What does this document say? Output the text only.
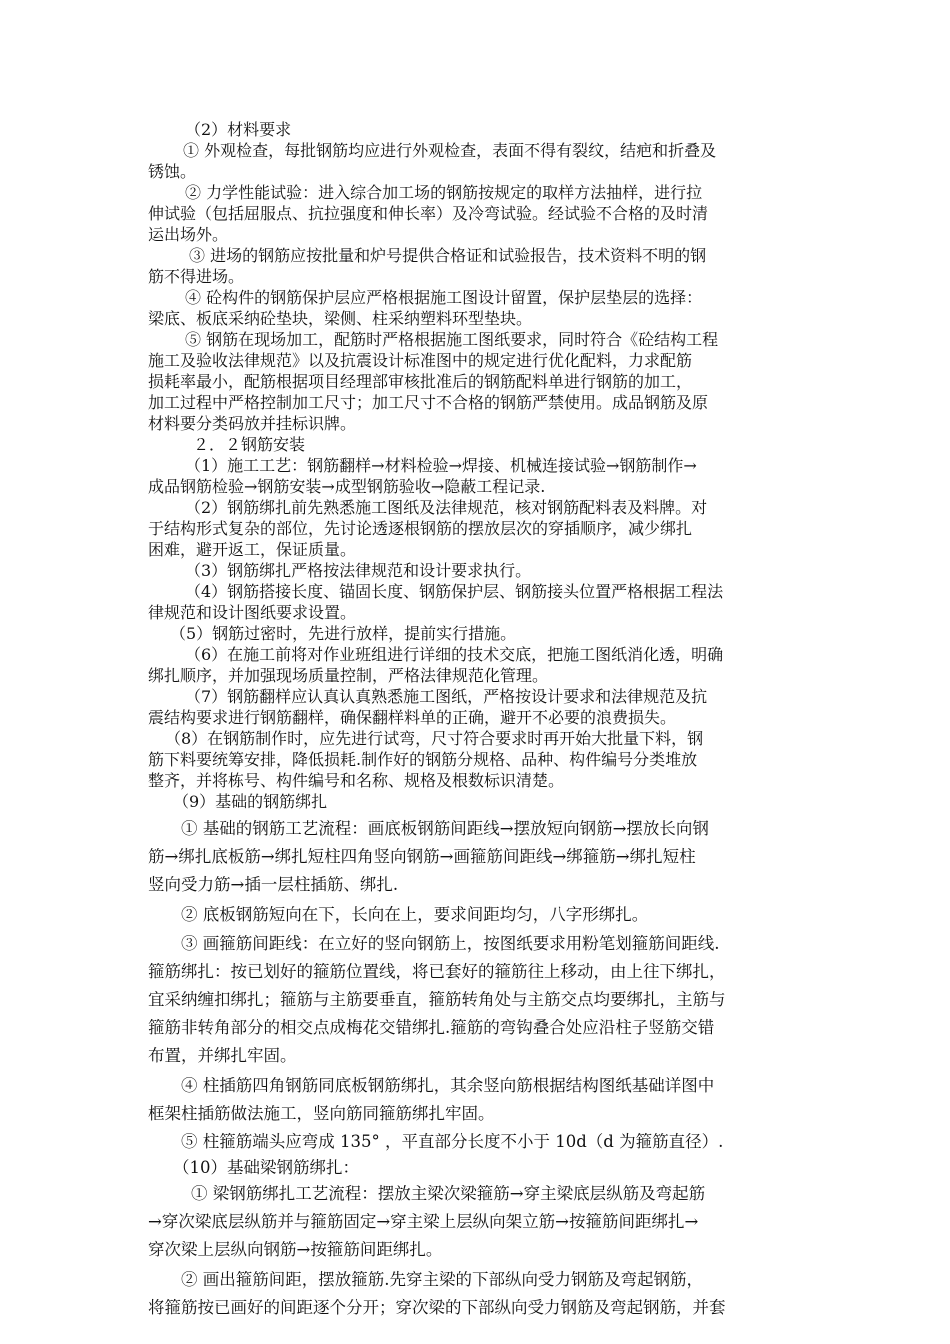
（2）材料要求
① 外观检查，每批钢筋均应进行外观检查，表面不得有裂纹，结疤和折叠及
锈蚀。
② 力学性能试验：进入综合加工场的钢筋按规定的取样方法抽样，进行拉
伸试验（包括屈服点、抗拉强度和伸长率）及冷弯试验。经试验不合格的及时清
运出场外。
③ 进场的钢筋应按批量和炉号提供合格证和试验报告，技术资料不明的钢
筋不得进场。
④ 砼构件的钢筋保护层应严格根据施工图设计留置，保护层垫层的选择：
梁底、板底采纳砼垫块，梁侧、柱采纳塑料环型垫块。
⑤ 钢筋在现场加工，配筋时严格根据施工图纸要求，同时符合《砼结构工程
施工及验收法律规范》以及抗震设计标准图中的规定进行优化配料，力求配筋
损耗率最小，配筋根据项目经理部审核批准后的钢筋配料单进行钢筋的加工，
加工过程中严格控制加工尺寸；加工尺寸不合格的钢筋严禁使用。成品钢筋及原
材料要分类码放并挂标识牌。
２．２钢筋安装
（1）施工工艺：钢筋翻样→材料检验→焊接、机械连接试验→钢筋制作→
成品钢筋检验→钢筋安装→成型钢筋验收→隐蔽工程记录.
（2）钢筋绑扎前先熟悉施工图纸及法律规范，核对钢筋配料表及料牌。对
于结构形式复杂的部位，先讨论透逐根钢筋的摆放层次的穿插顺序，减少绑扎
困难，避开返工，保证质量。
（3）钢筋绑扎严格按法律规范和设计要求执行。
（4）钢筋搭接长度、锚固长度、钢筋保护层、钢筋接头位置严格根据工程法
律规范和设计图纸要求设置。
（5）钢筋过密时，先进行放样，提前实行措施。
（6）在施工前将对作业班组进行详细的技术交底，把施工图纸消化透，明确
绑扎顺序，并加强现场质量控制，严格法律规范化管理。
（7）钢筋翻样应认真认真熟悉施工图纸，严格按设计要求和法律规范及抗
震结构要求进行钢筋翻样，确保翻样料单的正确，避开不必要的浪费损失。
（8）在钢筋制作时，应先进行试弯，尺寸符合要求时再开始大批量下料，钢
筋下料要统筹安排，降低损耗.制作好的钢筋分规格、品种、构件编号分类堆放
整齐，并将栋号、构件编号和名称、规格及根数标识清楚。
（9）基础的钢筋绑扎
① 基础的钢筋工艺流程：画底板钢筋间距线→摆放短向钢筋→摆放长向钢
筋→绑扎底板筋→绑扎短柱四角竖向钢筋→画箍筋间距线→绑箍筋→绑扎短柱
竖向受力筋→插一层柱插筋、绑扎.
② 底板钢筋短向在下，长向在上，要求间距均匀，八字形绑扎。
③ 画箍筋间距线：在立好的竖向钢筋上，按图纸要求用粉笔划箍筋间距线.
箍筋绑扎：按已划好的箍筋位置线，将已套好的箍筋往上移动，由上往下绑扎，
宜采纳缠扣绑扎；箍筋与主筋要垂直，箍筋转角处与主筋交点均要绑扎，主筋与
箍筋非转角部分的相交点成梅花交错绑扎.箍筋的弯钩叠合处应沿柱子竖筋交错
布置，并绑扎牢固。
④ 柱插筋四角钢筋同底板钢筋绑扎，其余竖向筋根据结构图纸基础详图中
框架柱插筋做法施工，竖向筋同箍筋绑扎牢固。
⑤ 柱箍筋端头应弯成 135° ，平直部分长度不小于 10d（d 为箍筋直径）.
（10）基础梁钢筋绑扎：
① 梁钢筋绑扎工艺流程：摆放主梁次梁箍筋→穿主梁底层纵筋及弯起筋
→穿次梁底层纵筋并与箍筋固定→穿主梁上层纵向架立筋→按箍筋间距绑扎→
穿次梁上层纵向钢筋→按箍筋间距绑扎。
② 画出箍筋间距，摆放箍筋.先穿主梁的下部纵向受力钢筋及弯起钢筋，
将箍筋按已画好的间距逐个分开；穿次梁的下部纵向受力钢筋及弯起钢筋，并套
